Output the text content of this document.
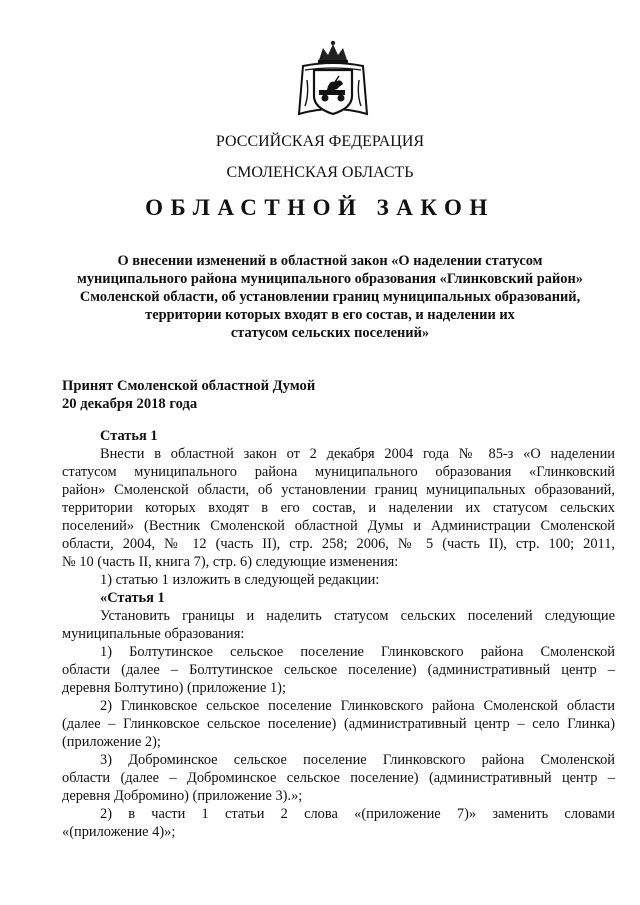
РОССИЙСКАЯ ФЕДЕРАЦИЯ
СМОЛЕНСКАЯ ОБЛАСТЬ
ОБЛАСТНОЙ ЗАКОН
О внесении изменений в областной закон «О наделении статусом
муниципального района муниципального образования «Глинковский район»
Смоленской области, об установлении границ муниципальных образований,
территории которых входят в его состав, и наделении их
статусом сельских поселений»
Принят Смоленской областной Думой
20 декабря 2018 года
Статья 1
Внести в областной закон от 2 декабря 2004 года № 85-з «О наделении
статусом муниципального района муниципального образования «Глинковский
район» Смоленской области, об установлении границ муниципальных образований,
территории которых входят в его состав, и наделении их статусом сельских
поселений» (Вестник Смоленской областной Думы и Администрации Смоленской
области, 2004, № 12 (часть II), стр. 258; 2006, № 5 (часть II), стр. 100; 2011,
№ 10 (часть II, книга 7), стр. 6) следующие изменения:
1) статью 1 изложить в следующей редакции:
«Статья 1
Установить границы и наделить статусом сельских поселений следующие
муниципальные образования:
1) Болтутинское сельское поселение Глинковского района Смоленской
области (далее – Болтутинское сельское поселение) (административный центр –
деревня Болтутино) (приложение 1);
2) Глинковское сельское поселение Глинковского района Смоленской области
(далее – Глинковское сельское поселение) (административный центр – село Глинка)
(приложение 2);
3) Доброминское сельское поселение Глинковского района Смоленской
области (далее – Доброминское сельское поселение) (административный центр –
деревня Добромино) (приложение 3).»;
2) в части 1 статьи 2 слова «(приложение 7)» заменить словами
«(приложение 4)»;
